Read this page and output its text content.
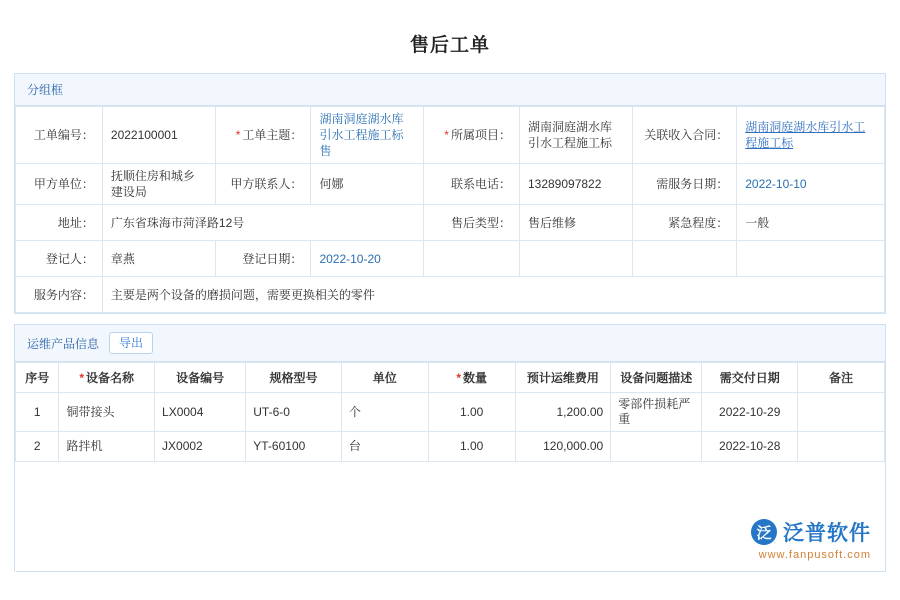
售后工单
分组框
工单编号：	2022100001	* 工单主题：	湖南洞庭湖水库引水工程施工标售	* 所属项目：	湖南洞庭湖水库引水工程施工标	关联收入合同：	湖南洞庭湖水库引水工程施工标
甲方单位：	抚顺住房和城乡建设局	甲方联系人：	何娜	联系电话：	13289097822	需服务日期：	2022-10-10
地址：	广东省珠海市菏泽路12号			售后类型：	售后维修	紧急程度：	一般
登记人：	章燕	登记日期：	2022-10-20				
服务内容：	主要是两个设备的磨损问题，需要更换相关的零件						
运维产品信息	导出
序号	* 设备名称	设备编号	规格型号	单位	* 数量	预计运维费用	设备问题描述	需交付日期	备注
1	铜带接头	LX0004	UT-6-0	个	1.00	1,200.00	零部件损耗严重	2022-10-29	
2	路拌机	JX0002	YT-60100	台	1.00	120,000.00		2022-10-28	
泛 泛普软件
www.fanpusoft.com
